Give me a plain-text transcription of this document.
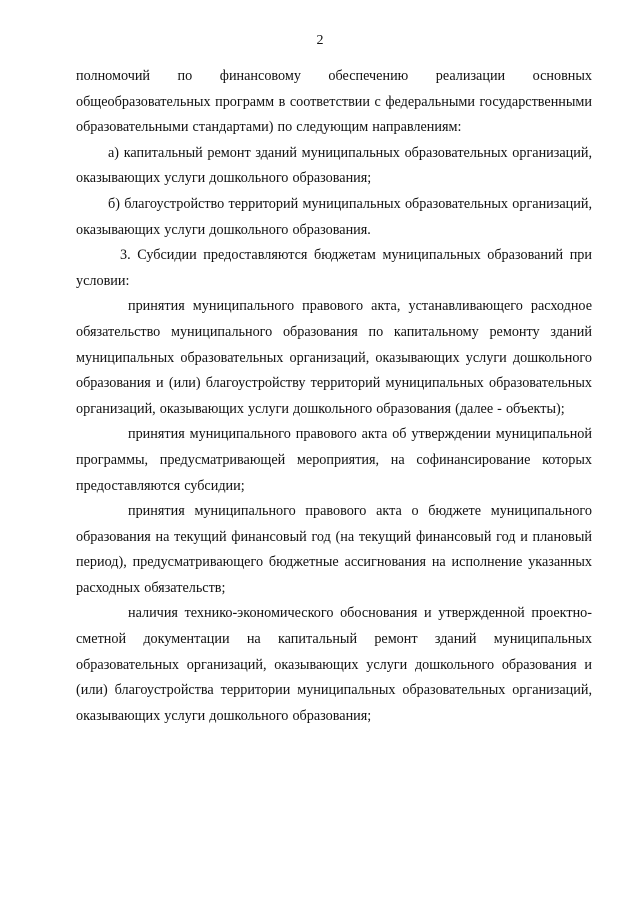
2

полномочий по финансовому обеспечению реализации основных общеобразовательных программ в соответствии с федеральными государственными образовательными стандартами) по следующим направлениям:

а) капитальный ремонт зданий муниципальных образовательных организаций, оказывающих услуги дошкольного образования;

б) благоустройство территорий муниципальных образовательных организаций, оказывающих услуги дошкольного образования.

3. Субсидии предоставляются бюджетам муниципальных образований при условии:

принятия муниципального правового акта, устанавливающего расходное обязательство муниципального образования по капитальному ремонту зданий муниципальных образовательных организаций, оказывающих услуги дошкольного образования и (или) благоустройству территорий муниципальных образовательных организаций, оказывающих услуги дошкольного образования (далее - объекты);

принятия муниципального правового акта об утверждении муниципальной программы, предусматривающей мероприятия, на софинансирование которых предоставляются субсидии;

принятия муниципального правового акта о бюджете муниципального образования на текущий финансовый год (на текущий финансовый год и плановый период), предусматривающего бюджетные ассигнования на исполнение указанных расходных обязательств;

наличия технико-экономического обоснования и утвержденной проектно-сметной документации на капитальный ремонт зданий муниципальных образовательных организаций, оказывающих услуги дошкольного образования и (или) благоустройства территории муниципальных образовательных организаций, оказывающих услуги дошкольного образования;
